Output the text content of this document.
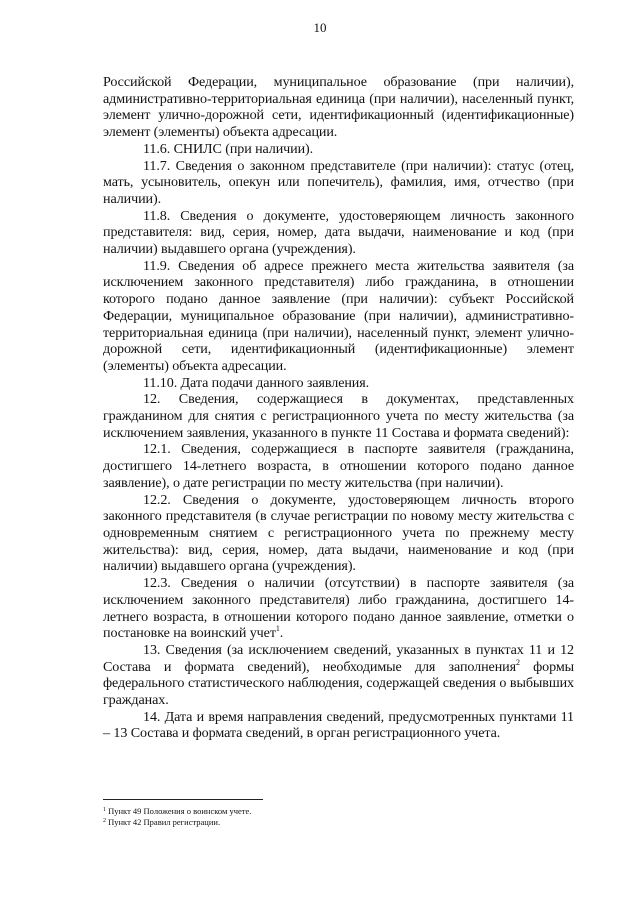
10

Российской Федерации, муниципальное образование (при наличии), административно-территориальная единица (при наличии), населенный пункт, элемент улично-дорожной сети, идентификационный (идентификационные) элемент (элементы) объекта адресации.

11.6. СНИЛС (при наличии).

11.7. Сведения о законном представителе (при наличии): статус (отец, мать, усыновитель, опекун или попечитель), фамилия, имя, отчество (при наличии).

11.8. Сведения о документе, удостоверяющем личность законного представителя: вид, серия, номер, дата выдачи, наименование и код (при наличии) выдавшего органа (учреждения).

11.9. Сведения об адресе прежнего места жительства заявителя (за исключением законного представителя) либо гражданина, в отношении которого подано данное заявление (при наличии): субъект Российской Федерации, муниципальное образование (при наличии), административно-территориальная единица (при наличии), населенный пункт, элемент улично-дорожной сети, идентификационный (идентификационные) элемент (элементы) объекта адресации.

11.10. Дата подачи данного заявления.

12. Сведения, содержащиеся в документах, представленных гражданином для снятия с регистрационного учета по месту жительства (за исключением заявления, указанного в пункте 11 Состава и формата сведений):

12.1. Сведения, содержащиеся в паспорте заявителя (гражданина, достигшего 14-летнего возраста, в отношении которого подано данное заявление), о дате регистрации по месту жительства (при наличии).

12.2. Сведения о документе, удостоверяющем личность второго законного представителя (в случае регистрации по новому месту жительства с одновременным снятием с регистрационного учета по прежнему месту жительства): вид, серия, номер, дата выдачи, наименование и код (при наличии) выдавшего органа (учреждения).

12.3. Сведения о наличии (отсутствии) в паспорте заявителя (за исключением законного представителя) либо гражданина, достигшего 14-летнего возраста, в отношении которого подано данное заявление, отметки о постановке на воинский учет$^1$.

13. Сведения (за исключением сведений, указанных в пунктах 11 и 12 Состава и формата сведений), необходимые для заполнения$^2$ формы федерального статистического наблюдения, содержащей сведения о выбывших гражданах.

14. Дата и время направления сведений, предусмотренных пунктами 11 – 13 Состава и формата сведений, в орган регистрационного учета.

$^1$ Пункт 49 Положения о воинском учете.
$^2$ Пункт 42 Правил регистрации.
